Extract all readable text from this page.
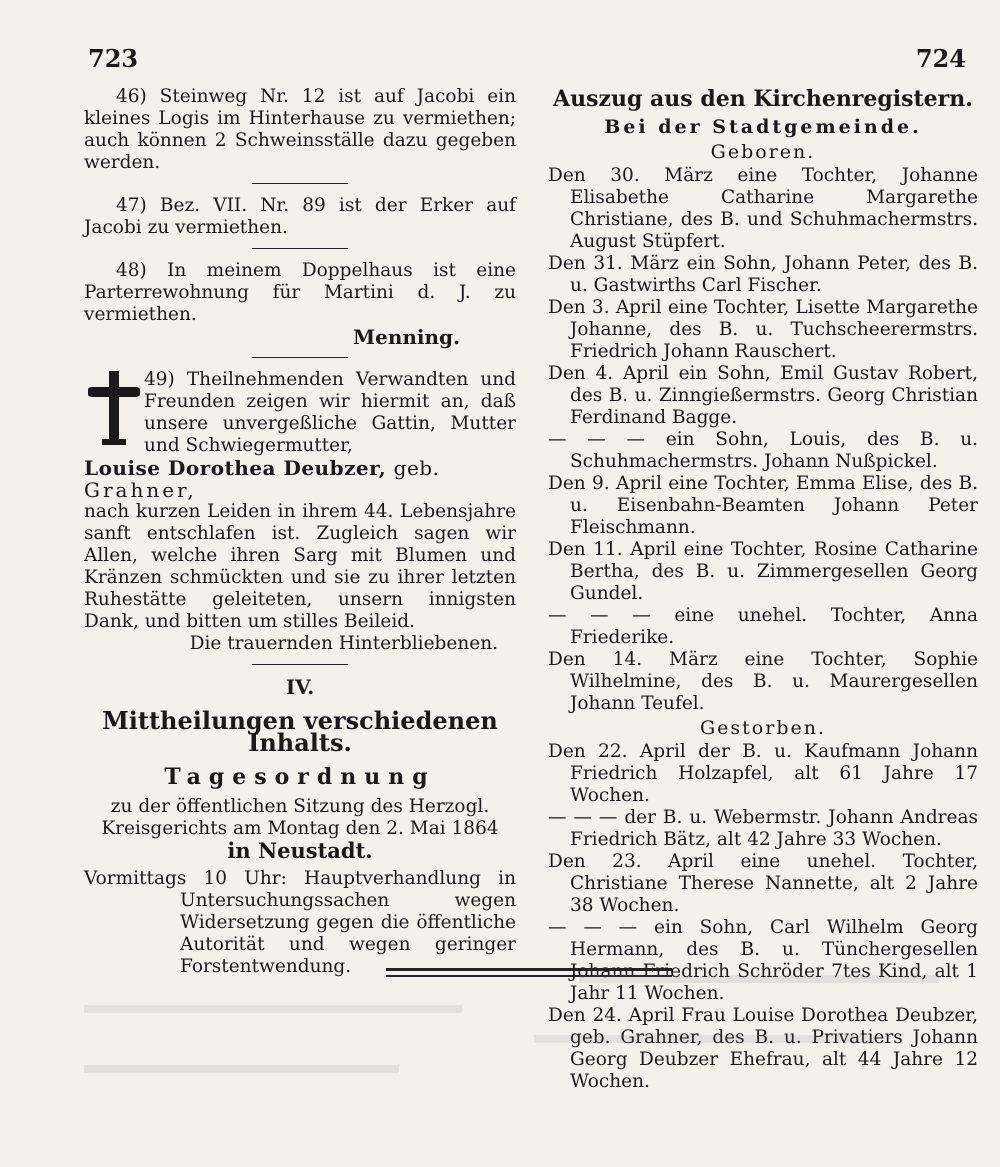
723	724

46) Steinweg Nr. 12 ist auf Jacobi ein kleines Logis im Hinterhause zu vermiethen; auch können 2 Schweinsställe dazu gegeben werden.

47) Bez. VII. Nr. 89 ist der Erker auf Jacobi zu vermiethen.

48) In meinem Doppelhaus ist eine Parterrewohnung für Martini d. J. zu vermiethen.

Menning.

49) Theilnehmenden Verwandten und Freunden zeigen wir hiermit an, daß unsere unvergeßliche Gattin, Mutter und Schwiegermutter,

Louise Dorothea Deubzer, geb. Grahner,

nach kurzen Leiden in ihrem 44. Lebensjahre sanft entschlafen ist. Zugleich sagen wir Allen, welche ihren Sarg mit Blumen und Kränzen schmückten und sie zu ihrer letzten Ruhestätte geleiteten, unsern innigsten Dank, und bitten um stilles Beileid.

Die trauernden Hinterbliebenen.

IV.

Mittheilungen verschiedenen Inhalts.

Tagesordnung

zu der öffentlichen Sitzung des Herzogl. Kreisgerichts am Montag den 2. Mai 1864

in Neustadt.

Vormittags 10 Uhr: Hauptverhandlung in Untersuchungssachen wegen Widersetzung gegen die öffentliche Autorität und wegen geringer Forstentwendung.

Auszug aus den Kirchenregistern.

Bei der Stadtgemeinde.

Geboren.

Den 30. März eine Tochter, Johanne Elisabethe Catharine Margarethe Christiane, des B. und Schuhmachermstrs. August Stüpfert.

Den 31. März ein Sohn, Johann Peter, des B. u. Gastwirths Carl Fischer.

Den 3. April eine Tochter, Lisette Margarethe Johanne, des B. u. Tuchscheerermstrs. Friedrich Johann Rauschert.

Den 4. April ein Sohn, Emil Gustav Robert, des B. u. Zinngießermstrs. Georg Christian Ferdinand Bagge.

— — — ein Sohn, Louis, des B. u. Schuhmachermstrs. Johann Nußpickel.

Den 9. April eine Tochter, Emma Elise, des B. u. Eisenbahn-Beamten Johann Peter Fleischmann.

Den 11. April eine Tochter, Rosine Catharine Bertha, des B. u. Zimmergesellen Georg Gundel.

— — — eine unehel. Tochter, Anna Friederike.

Den 14. März eine Tochter, Sophie Wilhelmine, des B. u. Maurergesellen Johann Teufel.

Gestorben.

Den 22. April der B. u. Kaufmann Johann Friedrich Holzapfel, alt 61 Jahre 17 Wochen.

— — — der B. u. Webermstr. Johann Andreas Friedrich Bätz, alt 42 Jahre 33 Wochen.

Den 23. April eine unehel. Tochter, Christiane Therese Nannette, alt 2 Jahre 38 Wochen.

— — — ein Sohn, Carl Wilhelm Georg Hermann, des B. u. Tünchergesellen Johann Friedrich Schröder 7tes Kind, alt 1 Jahr 11 Wochen.

Den 24. April Frau Louise Dorothea Deubzer, geb. Grahner, des B. u. Privatiers Johann Georg Deubzer Ehefrau, alt 44 Jahre 12 Wochen.
